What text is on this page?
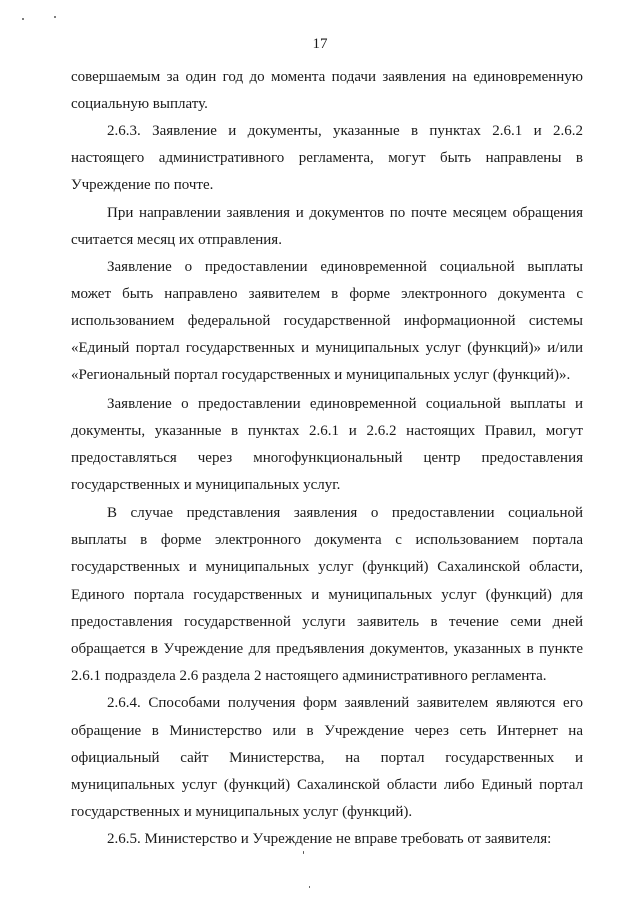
17
совершаемым за один год до момента подачи заявления на единовременную
социальную выплату.
2.6.3. Заявление и документы, указанные в пунктах 2.6.1 и 2.6.2
настоящего административного регламента, могут быть направлены в
Учреждение по почте.
При направлении заявления и документов по почте месяцем обращения
считается месяц их отправления.
Заявление о предоставлении единовременной социальной выплаты
может быть направлено заявителем в форме электронного документа с
использованием федеральной государственной информационной системы
«Единый портал государственных и муниципальных услуг (функций)» и/или
«Региональный портал государственных и муниципальных услуг (функций)».
Заявление о предоставлении единовременной социальной выплаты и
документы, указанные в пунктах 2.6.1 и 2.6.2 настоящих Правил, могут
предоставляться через многофункциональный центр предоставления
государственных и муниципальных услуг.
В случае представления заявления о предоставлении социальной
выплаты в форме электронного документа с использованием портала
государственных и муниципальных услуг (функций) Сахалинской области,
Единого портала государственных и муниципальных услуг (функций) для
предоставления государственной услуги заявитель в течение семи дней
обращается в Учреждение для предъявления документов, указанных в пункте
2.6.1 подраздела 2.6 раздела 2 настоящего административного регламента.
2.6.4. Способами получения форм заявлений заявителем являются его
обращение в Министерство или в Учреждение через сеть Интернет на
официальный сайт Министерства, на портал государственных и
муниципальных услуг (функций) Сахалинской области либо Единый портал
государственных и муниципальных услуг (функций).
2.6.5. Министерство и Учреждение не вправе требовать от заявителя:
